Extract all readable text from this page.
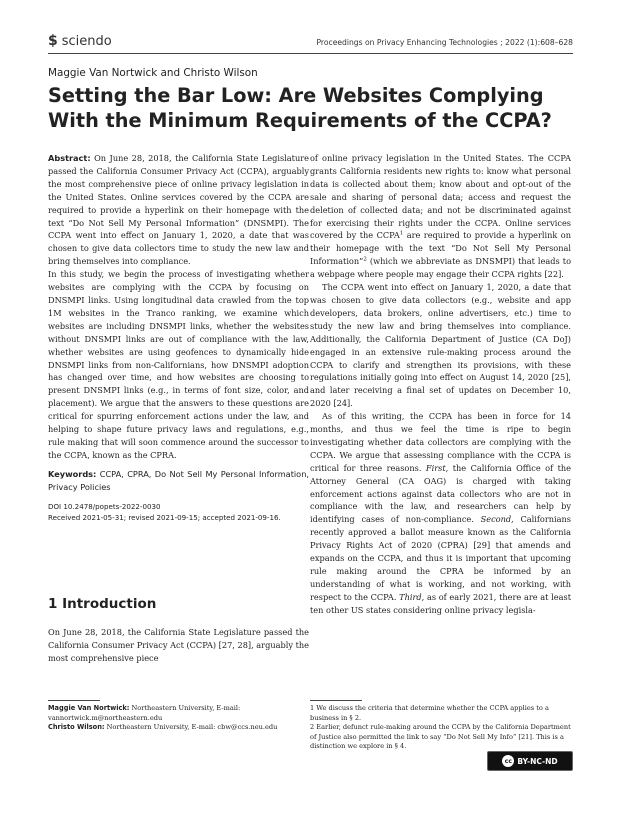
$ sciendo	Proceedings on Privacy Enhancing Technologies ; 2022 (1):608–628
Maggie Van Nortwick and Christo Wilson
Setting the Bar Low: Are Websites Complying With the Minimum Requirements of the CCPA?

Abstract: On June 28, 2018, the California State Legislature passed the California Consumer Privacy Act (CCPA), arguably the most comprehensive piece of online privacy legislation in the United States. Online services covered by the CCPA are required to provide a hyperlink on their homepage with the text “Do Not Sell My Personal Information” (DNSMPI). The CCPA went into effect on January 1, 2020, a date that was chosen to give data collectors time to study the new law and bring themselves into compliance.

In this study, we begin the process of investigating whether websites are complying with the CCPA by focusing on DNSMPI links. Using longitudinal data crawled from the top 1M websites in the Tranco ranking, we examine which websites are including DNSMPI links, whether the websites without DNSMPI links are out of compliance with the law, whether websites are using geofences to dynamically hide DNSMPI links from non-Californians, how DNSMPI adoption has changed over time, and how websites are choosing to present DNSMPI links (e.g., in terms of font size, color, and placement). We argue that the answers to these questions are critical for spurring enforcement actions under the law, and helping to shape future privacy laws and regulations, e.g., rule making that will soon commence around the successor to the CCPA, known as the CPRA.

Keywords: CCPA, CPRA, Do Not Sell My Personal Information, Privacy Policies

DOI 10.2478/popets-2022-0030
Received 2021-05-31; revised 2021-09-15; accepted 2021-09-16.
1 Introduction
On June 28, 2018, the California State Legislature passed the California Consumer Privacy Act (CCPA) [27, 28], arguably the most comprehensive piece

of online privacy legislation in the United States. The CCPA grants California residents new rights to: know what personal data is collected about them; know about and opt-out of the sale and sharing of personal data; access and request the deletion of collected data; and not be discriminated against for exercising their rights under the CCPA. Online services covered by the CCPA$^1$ are required to provide a hyperlink on their homepage with the text “Do Not Sell My Personal Information”$^2$ (which we abbreviate as DNSMPI) that leads to a webpage where people may engage their CCPA rights [22].

The CCPA went into effect on January 1, 2020, a date that was chosen to give data collectors (e.g., website and app developers, data brokers, online advertisers, etc.) time to study the new law and bring themselves into compliance. Additionally, the California Department of Justice (CA DoJ) engaged in an extensive rule-making process around the CCPA to clarify and strengthen its provisions, with these regulations initially going into effect on August 14, 2020 [25], and later receiving a final set of updates on December 10, 2020 [24].

As of this writing, the CCPA has been in force for 14 months, and thus we feel the time is ripe to begin investigating whether data collectors are complying with the CCPA. We argue that assessing compliance with the CCPA is critical for three reasons. First, the California Office of the Attorney General (CA OAG) is charged with taking enforcement actions against data collectors who are not in compliance with the law, and researchers can help by identifying cases of non-compliance. Second, Californians recently approved a ballot measure known as the California Privacy Rights Act of 2020 (CPRA) [29] that amends and expands on the CCPA, and thus it is important that upcoming rule making around the CPRA be informed by an understanding of what is working, and not working, with respect to the CCPA. Third, as of early 2021, there are at least ten other US states considering online privacy legisla-

Maggie Van Nortwick: Northeastern University, E-mail: vannortwick.m@northeastern.edu
Christo Wilson: Northeastern University, E-mail: cbw@ccs.neu.edu
1 We discuss the criteria that determine whether the CCPA applies to a business in § 2.
2 Earlier, defunct rule-making around the CCPA by the California Department of Justice also permitted the link to say “Do Not Sell My Info” [21]. This is a distinction we explore in § 4.
cc BY-NC-ND
